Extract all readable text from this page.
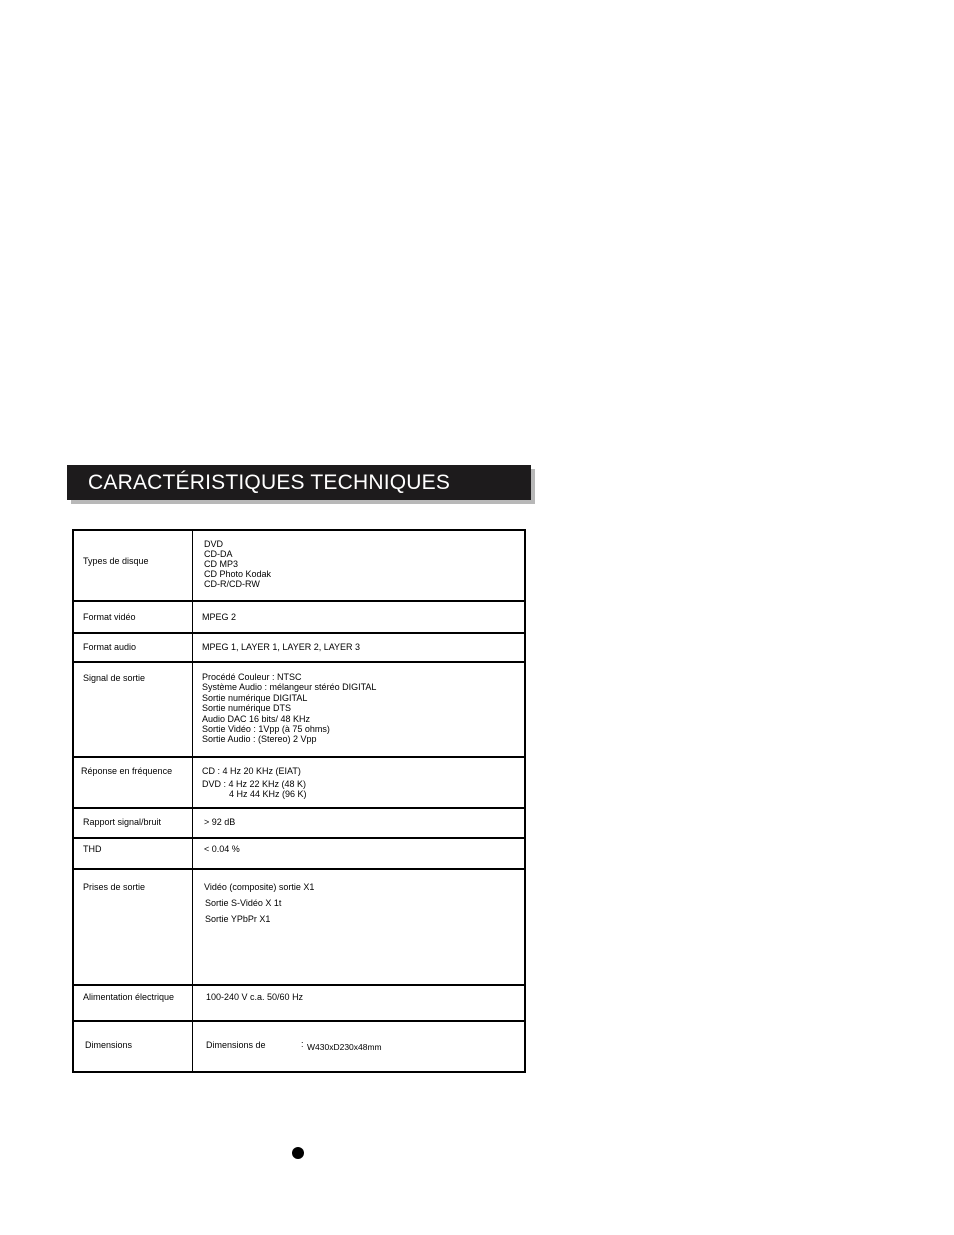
CARACTÉRISTIQUES TECHNIQUES
Types de disque
DVD
CD-DA
CD MP3
CD Photo Kodak
CD-R/CD-RW
Format vidéo	MPEG 2
Format audio	MPEG 1, LAYER 1, LAYER 2, LAYER 3
Signal de sortie	Procédé Couleur : NTSC
Système Audio : mélangeur stéréo DIGITAL
Sortie numérique DIGITAL
Sortie numérique DTS
Audio DAC 16 bits/ 48 KHz
Sortie Vidéo : 1Vpp (à 75 ohms)
Sortie Audio : (Stereo) 2 Vpp
Réponse en fréquence	CD : 4 Hz 20 KHz (EIAT)
DVD : 4 Hz 22 KHz (48 K)
4 Hz 44 KHz (96 K)
Rapport signal/bruit	> 92 dB
THD	< 0.04 %
Prises de sortie	Vidéo (composite) sortie X1
Sortie S-Vidéo X 1t
Sortie YPbPr X1
Alimentation électrique	100-240 V c.a. 50/60 Hz
Dimensions	Dimensions de	: W430xD230x48mm
